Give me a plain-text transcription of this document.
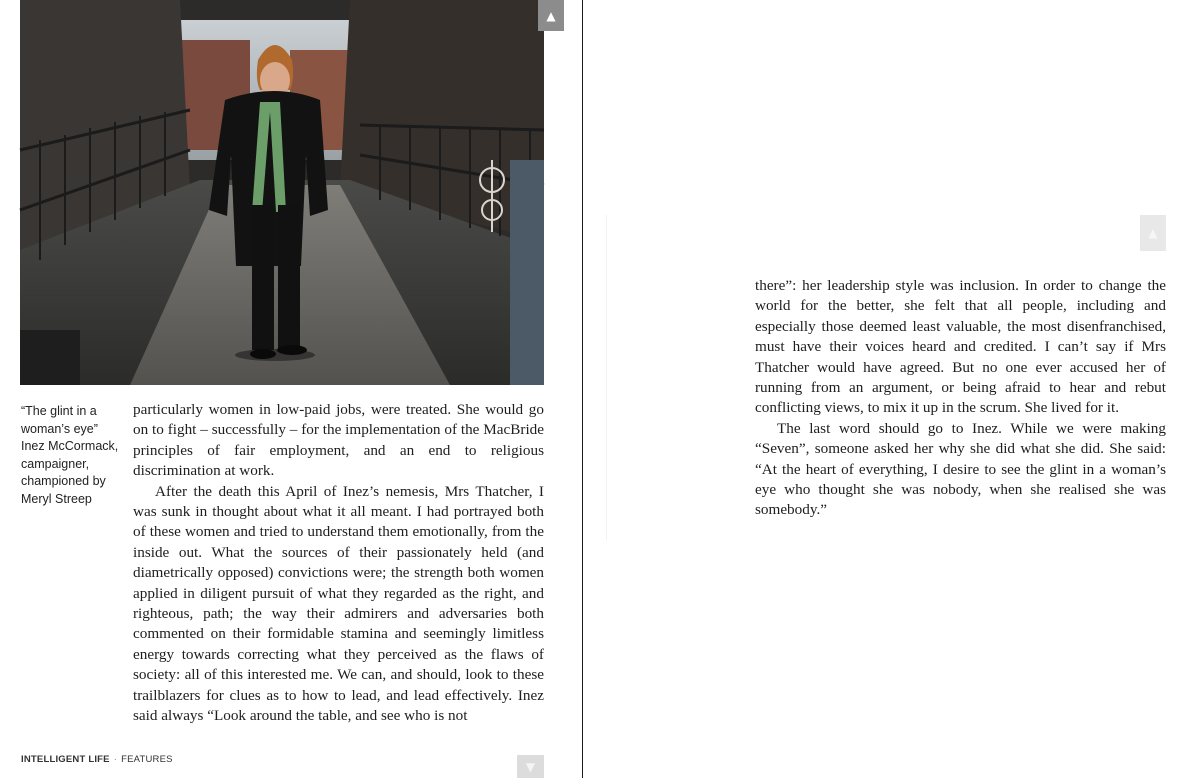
▲
“The glint in a woman’s eye”
Inez McCormack, campaigner, championed by Meryl Streep

particularly women in low-paid jobs, were treated. She would go on to fight – successfully – for the implementation of the MacBride principles of fair employment, and an end to religious discrimination at work.

After the death this April of Inez’s nemesis, Mrs Thatcher, I was sunk in thought about what it all meant. I had portrayed both of these women and tried to understand them emotionally, from the inside out. What the sources of their passionately held (and diametrically opposed) convictions were; the strength both women applied in diligent pursuit of what they regarded as the right, and righteous, path; the way their admirers and adversaries both commented on their formidable stamina and seemingly limitless energy towards correcting what they perceived as the flaws of society: all of this interested me. We can, and should, look to these trailblazers for clues as to how to lead, and lead effectively. Inez said always “Look around the table, and see who is not

INTELLIGENT LIFE · FEATURES	▼
▲

there”: her leadership style was inclusion. In order to change the world for the better, she felt that all people, including and especially those deemed least valuable, the most disenfranchised, must have their voices heard and credited. I can’t say if Mrs Thatcher would have agreed. But no one ever accused her of running from an argument, or being afraid to hear and rebut conflicting views, to mix it up in the scrum. She lived for it.

The last word should go to Inez. While we were making “Seven”, someone asked her why she did what she did. She said: “At the heart of everything, I desire to see the glint in a woman’s eye who thought she was nobody, when she realised she was somebody.”
